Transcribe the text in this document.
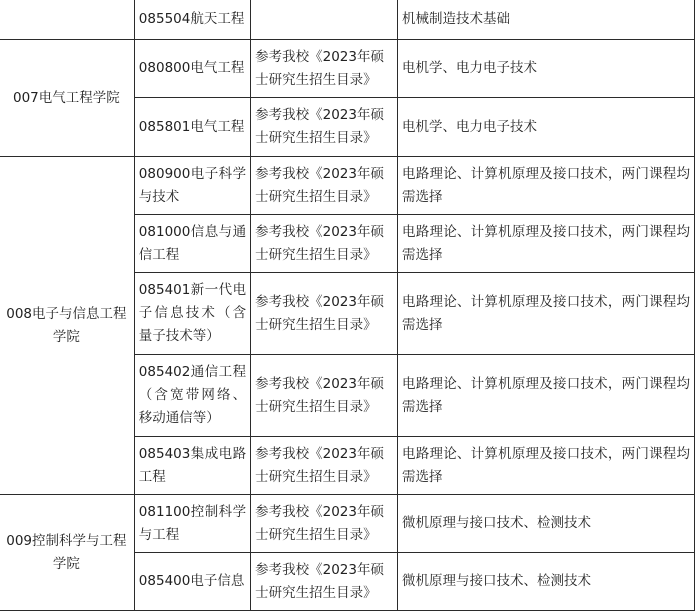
	085504航天工程		机械制造技术基础
007电气工程学院	080800电气工程	参考我校《2023年硕士研究生招生目录》	电机学、电力电子技术
	085801电气工程	参考我校《2023年硕士研究生招生目录》	电机学、电力电子技术
008电子与信息工程学院	080900电子科学与技术	参考我校《2023年硕士研究生招生目录》	电路理论、计算机原理及接口技术，两门课程均需选择
	081000信息与通信工程	参考我校《2023年硕士研究生招生目录》	电路理论、计算机原理及接口技术，两门课程均需选择
	085401新一代电子信息技术（含量子技术等）	参考我校《2023年硕士研究生招生目录》	电路理论、计算机原理及接口技术，两门课程均需选择
	085402通信工程（含宽带网络、移动通信等）	参考我校《2023年硕士研究生招生目录》	电路理论、计算机原理及接口技术，两门课程均需选择
	085403集成电路工程	参考我校《2023年硕士研究生招生目录》	电路理论、计算机原理及接口技术，两门课程均需选择
009控制科学与工程学院	081100控制科学与工程	参考我校《2023年硕士研究生招生目录》	微机原理与接口技术、检测技术
	085400电子信息	参考我校《2023年硕士研究生招生目录》	微机原理与接口技术、检测技术
